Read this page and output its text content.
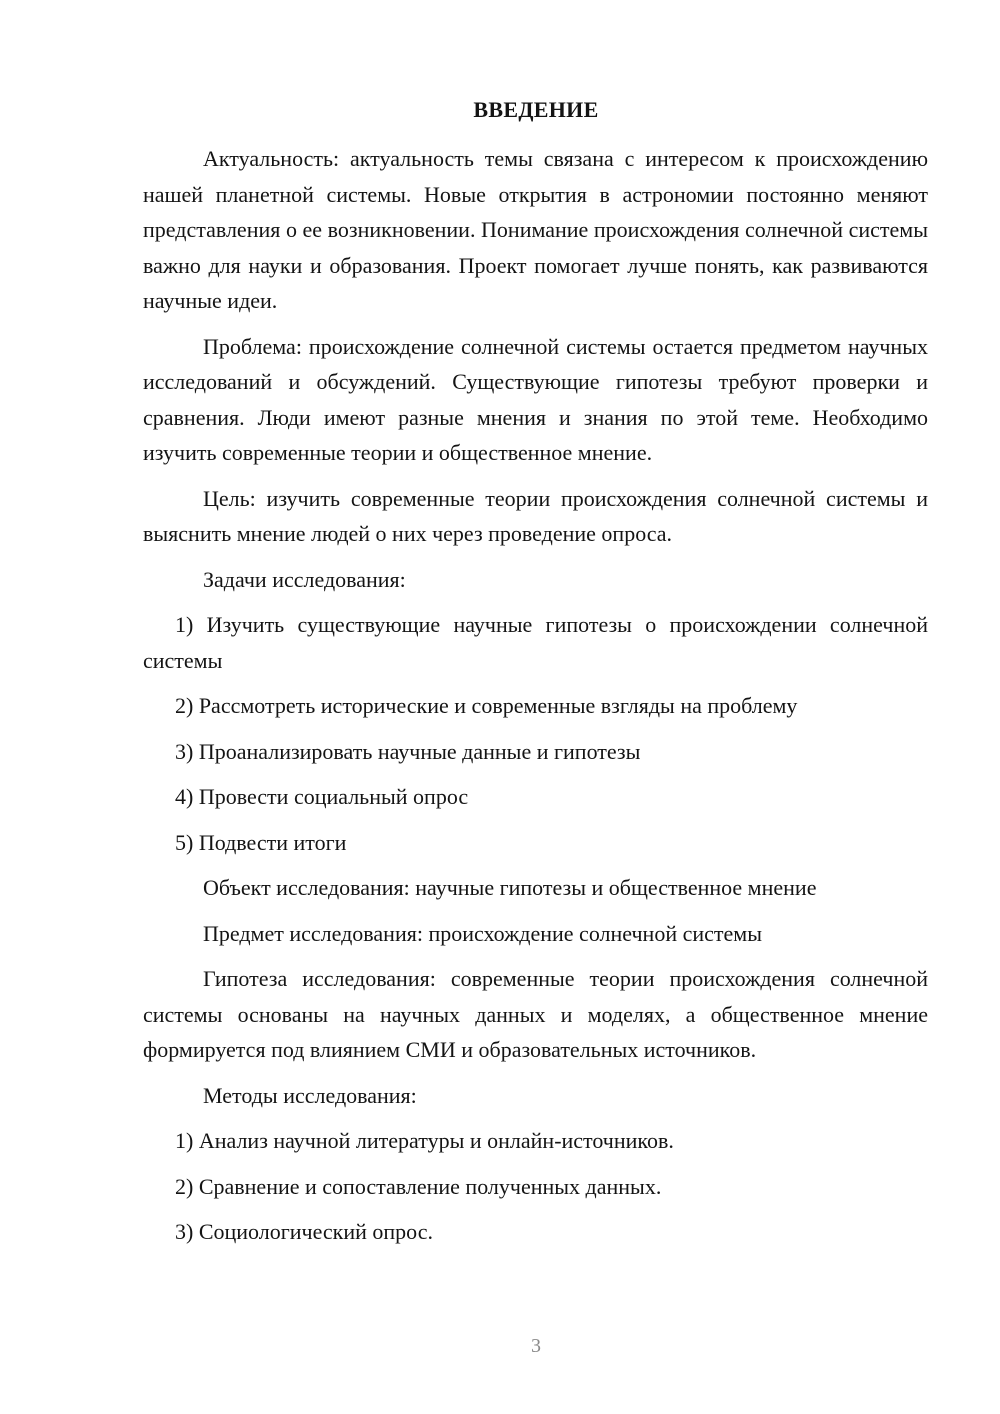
ВВЕДЕНИЕ

Актуальность: актуальность темы связана с интересом к происхождению нашей планетной системы. Новые открытия в астрономии постоянно меняют представления о ее возникновении. Понимание происхождения солнечной системы важно для науки и образования. Проект помогает лучше понять, как развиваются научные идеи.

Проблема: происхождение солнечной системы остается предметом научных исследований и обсуждений. Существующие гипотезы требуют проверки и сравнения. Люди имеют разные мнения и знания по этой теме. Необходимо изучить современные теории и общественное мнение.

Цель: изучить современные теории происхождения солнечной системы и выяснить мнение людей о них через проведение опроса.

Задачи исследования:

1) Изучить существующие научные гипотезы о происхождении солнечной системы

2) Рассмотреть исторические и современные взгляды на проблему

3) Проанализировать научные данные и гипотезы

4) Провести социальный опрос

5) Подвести итоги

Объект исследования: научные гипотезы и общественное мнение

Предмет исследования: происхождение солнечной системы

Гипотеза исследования: современные теории происхождения солнечной системы основаны на научных данных и моделях, а общественное мнение формируется под влиянием СМИ и образовательных источников.

Методы исследования:

1) Анализ научной литературы и онлайн-источников.

2) Сравнение и сопоставление полученных данных.

3) Социологический опрос.

3
